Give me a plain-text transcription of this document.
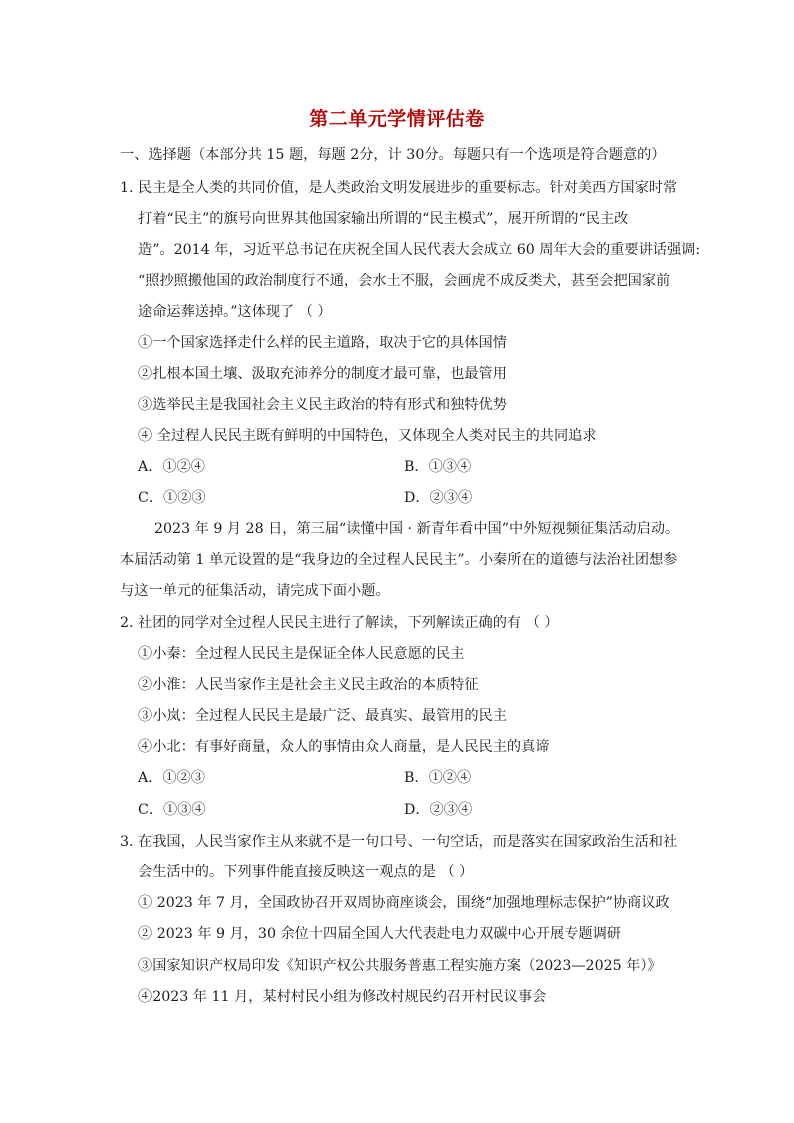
第二单元学情评估卷
一、选择题（本部分共 15 题，每题 2分，计 30分。每题只有一个选项是符合题意的）
1. 民主是全人类的共同价值，是人类政治文明发展进步的重要标志。针对美西方国家时常
打着“民主”的旗号向世界其他国家输出所谓的“民主模式”，展开所谓的“民主改
造”。2014 年，习近平总书记在庆祝全国人民代表大会成立 60 周年大会的重要讲话强调:
“照抄照搬他国的政治制度行不通，会水土不服，会画虎不成反类犬，甚至会把国家前
途命运葬送掉。”这体现了 （ ）
①一个国家选择走什么样的民主道路，取决于它的具体国情
②扎根本国土壤、汲取充沛养分的制度才最可靠，也最管用
③选举民主是我国社会主义民主政治的特有形式和独特优势
④ 全过程人民民主既有鲜明的中国特色，又体现全人类对民主的共同追求
A．①②④	B．①③④
C．①②③	D．②③④
2023 年 9 月 28 日，第三届“读懂中国 · 新青年看中国”中外短视频征集活动启动。
本届活动第 1 单元设置的是“我身边的全过程人民民主”。小秦所在的道德与法治社团想参
与这一单元的征集活动，请完成下面小题。
2. 社团的同学对全过程人民民主进行了解读，下列解读正确的有 （ ）
①小秦：全过程人民民主是保证全体人民意愿的民主
②小淮：人民当家作主是社会主义民主政治的本质特征
③小岚：全过程人民民主是最广泛、最真实、最管用的民主
④小北：有事好商量，众人的事情由众人商量，是人民民主的真谛
A．①②③	B．①②④
C．①③④	D．②③④
3. 在我国，人民当家作主从来就不是一句口号、一句空话，而是落实在国家政治生活和社
会生活中的。下列事件能直接反映这一观点的是 （ ）
① 2023 年 7 月，全国政协召开双周协商座谈会，围绕“加强地理标志保护”协商议政
② 2023 年 9 月，30 余位十四届全国人大代表赴电力双碳中心开展专题调研
③国家知识产权局印发《知识产权公共服务普惠工程实施方案（2023—2025 年）》
④2023 年 11 月，某村村民小组为修改村规民约召开村民议事会
